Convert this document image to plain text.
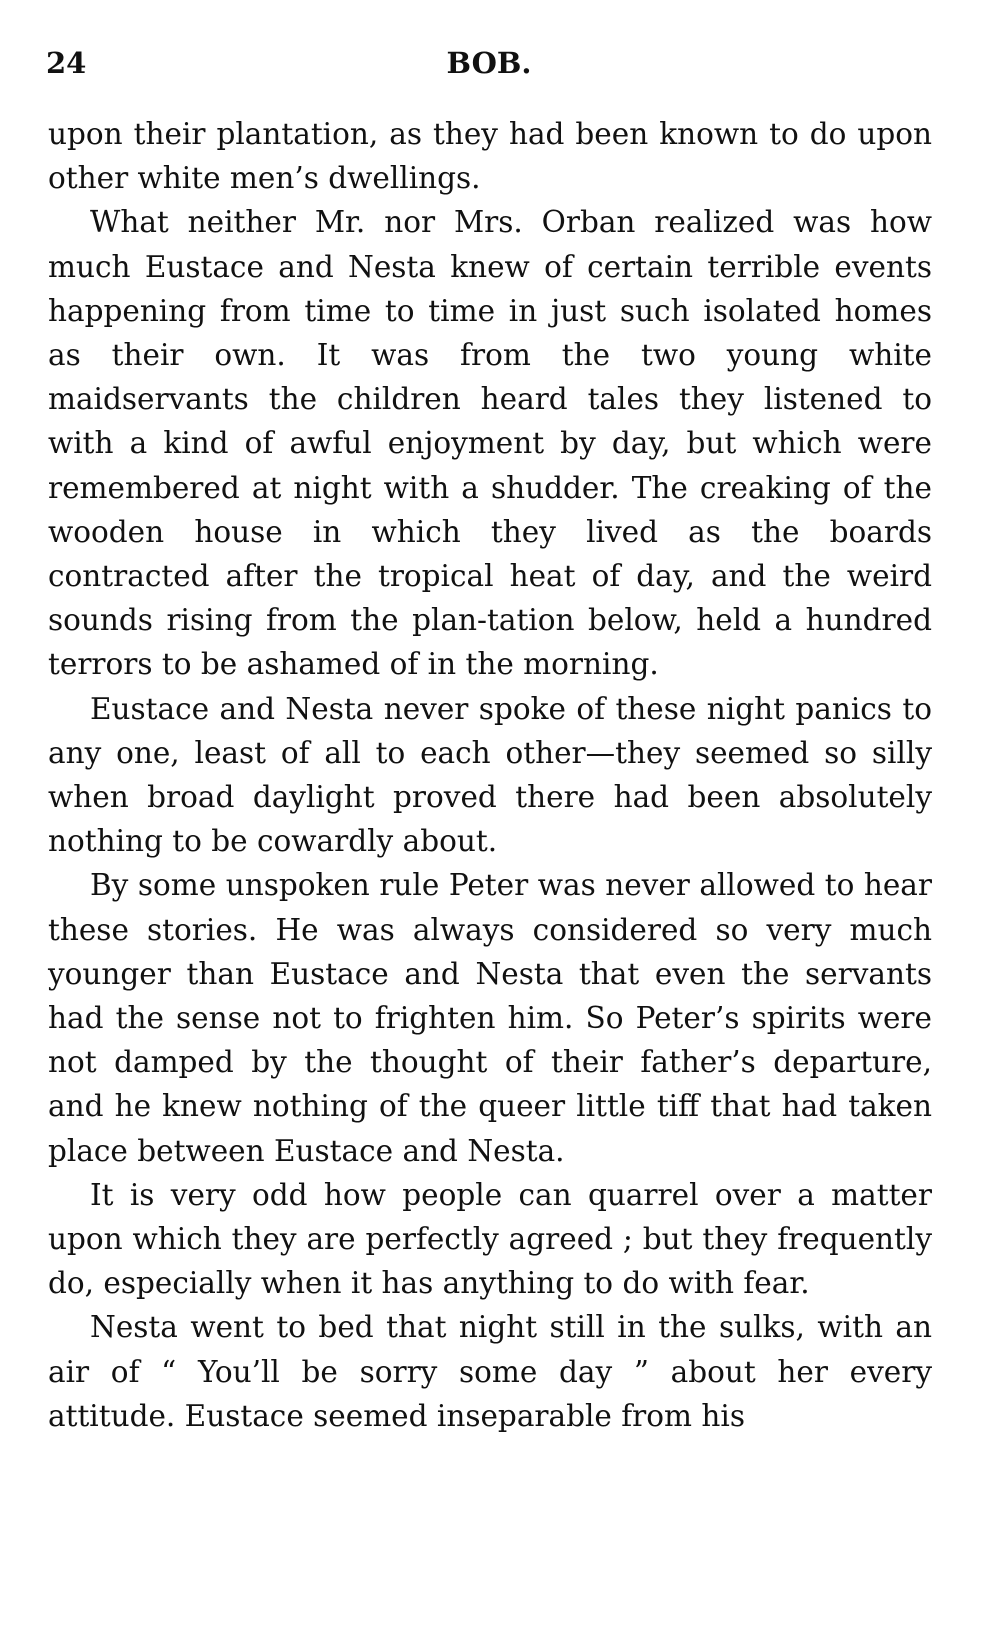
24	BOB.

upon their plantation, as they had been known to do upon other white men’s dwellings.

What neither Mr. nor Mrs. Orban realized was how much Eustace and Nesta knew of certain terrible events happening from time to time in just such isolated homes as their own. It was from the two young white maidservants the children heard tales they listened to with a kind of awful enjoyment by day, but which were remembered at night with a shudder. The creaking of the wooden house in which they lived as the boards contracted after the tropical heat of day, and the weird sounds rising from the plan-tation below, held a hundred terrors to be ashamed of in the morning.

Eustace and Nesta never spoke of these night panics to any one, least of all to each other—they seemed so silly when broad daylight proved there had been absolutely nothing to be cowardly about.

By some unspoken rule Peter was never allowed to hear these stories. He was always considered so very much younger than Eustace and Nesta that even the servants had the sense not to frighten him. So Peter’s spirits were not damped by the thought of their father’s departure, and he knew nothing of the queer little tiff that had taken place between Eustace and Nesta.

It is very odd how people can quarrel over a matter upon which they are perfectly agreed ; but they frequently do, especially when it has anything to do with fear.

Nesta went to bed that night still in the sulks, with an air of “ You’ll be sorry some day ” about her every attitude. Eustace seemed inseparable from his
